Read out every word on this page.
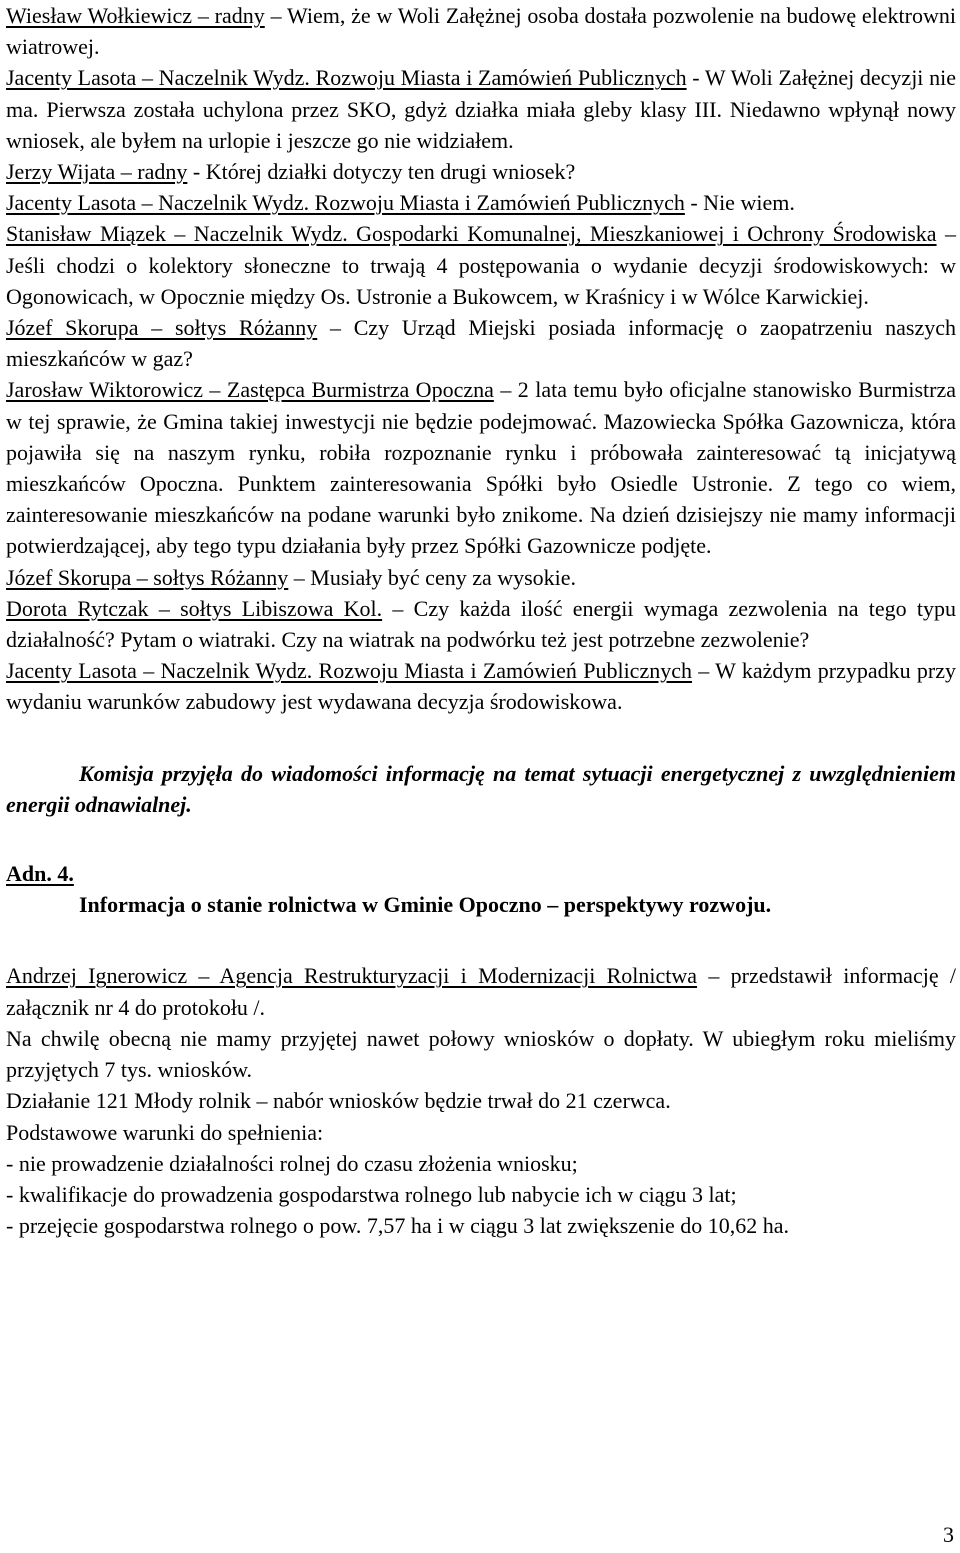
Wiesław Wołkiewicz – radny – Wiem, że w Woli Załężnej osoba dostała pozwolenie na budowę elektrowni wiatrowej.

Jacenty Lasota – Naczelnik Wydz. Rozwoju Miasta i Zamówień Publicznych - W Woli Załężnej decyzji nie ma. Pierwsza została uchylona przez SKO, gdyż działka miała gleby klasy III. Niedawno wpłynął nowy wniosek, ale byłem na urlopie i jeszcze go nie widziałem.

Jerzy Wijata – radny - Której działki dotyczy ten drugi wniosek?

Jacenty Lasota – Naczelnik Wydz. Rozwoju Miasta i Zamówień Publicznych - Nie wiem.

Stanisław Miązek – Naczelnik Wydz. Gospodarki Komunalnej, Mieszkaniowej i Ochrony Środowiska – Jeśli chodzi o kolektory słoneczne to trwają 4 postępowania o wydanie decyzji środowiskowych: w Ogonowicach, w Opocznie między Os. Ustronie a Bukowcem, w Kraśnicy i w Wólce Karwickiej.

Józef Skorupa – sołtys Różanny – Czy Urząd Miejski posiada informację o zaopatrzeniu naszych mieszkańców w gaz?

Jarosław Wiktorowicz – Zastępca Burmistrza Opoczna – 2 lata temu było oficjalne stanowisko Burmistrza w tej sprawie, że Gmina takiej inwestycji nie będzie podejmować. Mazowiecka Spółka Gazownicza, która pojawiła się na naszym rynku, robiła rozpoznanie rynku i próbowała zainteresować tą inicjatywą mieszkańców Opoczna. Punktem zainteresowania Spółki było Osiedle Ustronie. Z tego co wiem, zainteresowanie mieszkańców na podane warunki było znikome. Na dzień dzisiejszy nie mamy informacji potwierdzającej, aby tego typu działania były przez Spółki Gazownicze podjęte.

Józef Skorupa – sołtys Różanny – Musiały być ceny za wysokie.

Dorota Rytczak – sołtys Libiszowa Kol. – Czy każda ilość energii wymaga zezwolenia na tego typu działalność? Pytam o wiatraki. Czy na wiatrak na podwórku też jest potrzebne zezwolenie?

Jacenty Lasota – Naczelnik Wydz. Rozwoju Miasta i Zamówień Publicznych – W każdym przypadku przy wydaniu warunków zabudowy jest wydawana decyzja środowiskowa.

Komisja przyjęła do wiadomości informację na temat sytuacji energetycznej z uwzględnieniem energii odnawialnej.

Adn. 4.

Informacja o stanie rolnictwa w Gminie Opoczno – perspektywy rozwoju.

Andrzej Ignerowicz – Agencja Restrukturyzacji i Modernizacji Rolnictwa – przedstawił informację / załącznik nr 4 do protokołu /.

Na chwilę obecną nie mamy przyjętej nawet połowy wniosków o dopłaty. W ubiegłym roku mieliśmy przyjętych 7 tys. wniosków.

Działanie 121 Młody rolnik – nabór wniosków będzie trwał do 21 czerwca.

Podstawowe warunki do spełnienia:

- nie prowadzenie działalności rolnej do czasu złożenia wniosku;

- kwalifikacje do prowadzenia gospodarstwa rolnego lub nabycie ich w ciągu 3 lat;

- przejęcie gospodarstwa rolnego o pow. 7,57 ha i w ciągu 3 lat zwiększenie do 10,62 ha.

3
